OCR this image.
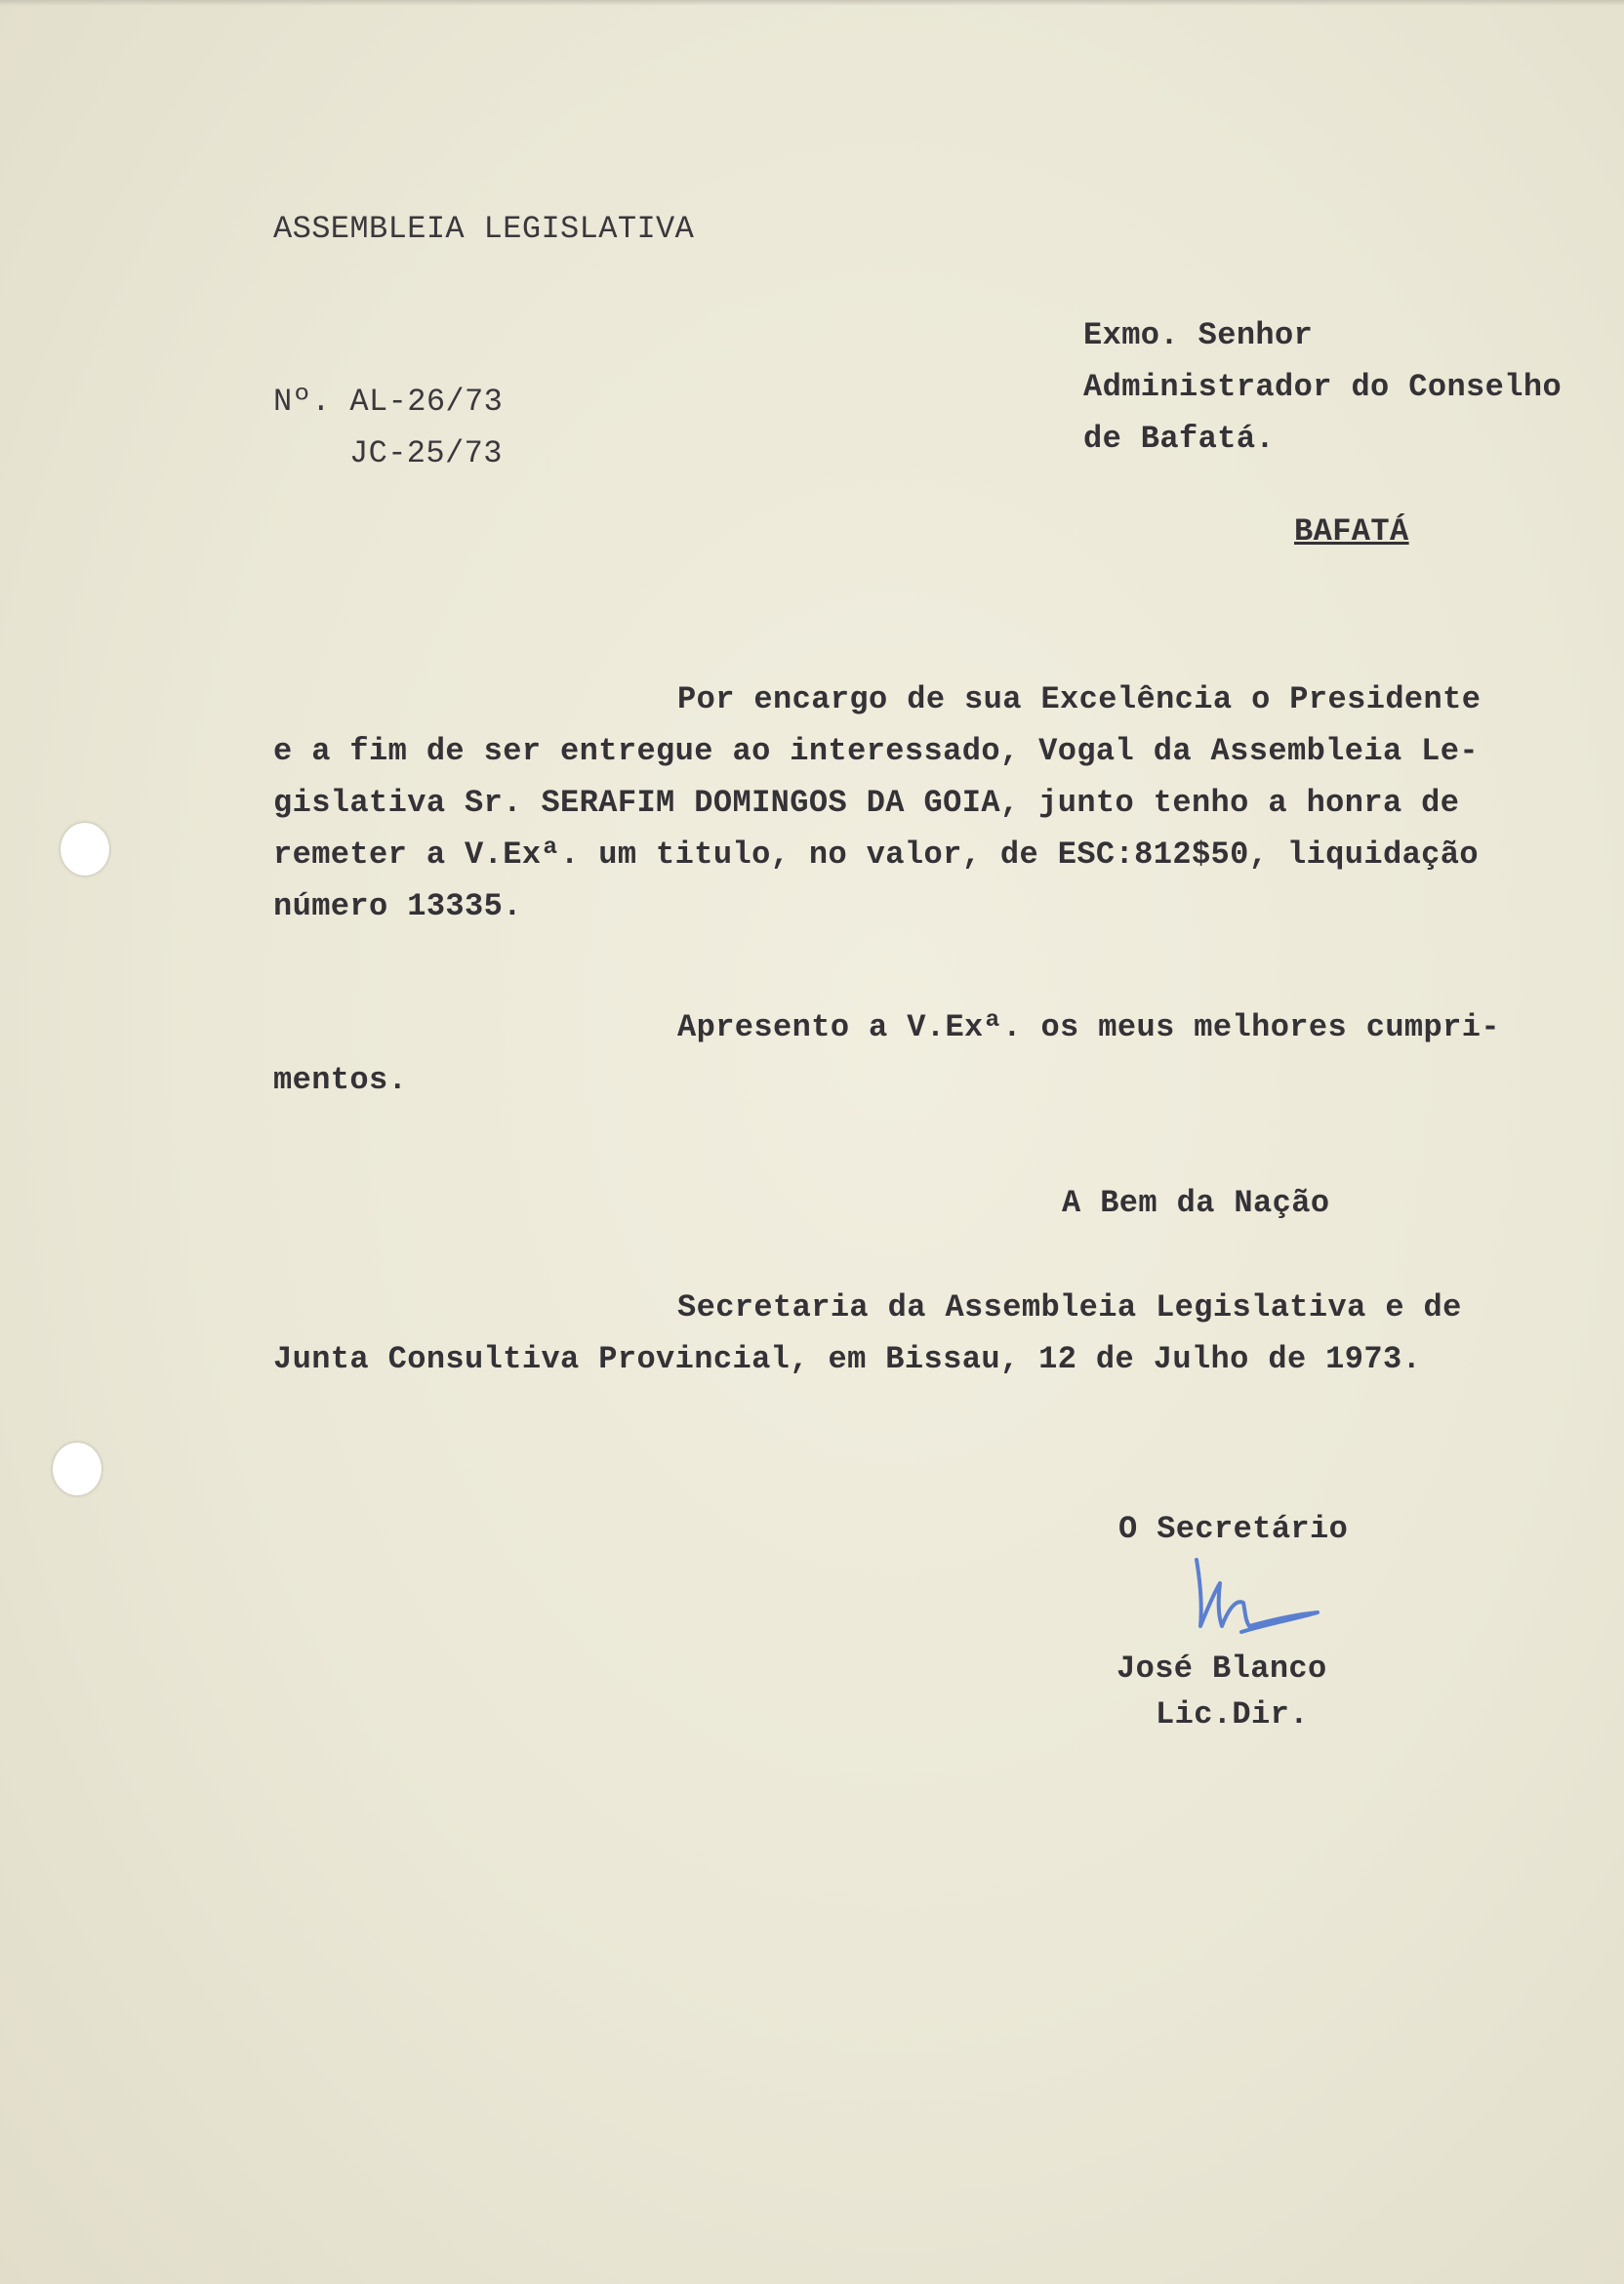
ASSEMBLEIA LEGISLATIVA

Nº. AL-26/73

JC-25/73

Exmo. Senhor

Administrador do Conselho

de Bafatá.

BAFATÁ

Por encargo de sua Excelência o Presidente

e a fim de ser entregue ao interessado, Vogal da Assembleia Le-

gislativa Sr. SERAFIM DOMINGOS DA GOIA, junto tenho a honra de

remeter a V.Exª. um titulo, no valor, de ESC:812$50, liquidação

número 13335.

Apresento a V.Exª. os meus melhores cumpri-

mentos.

A Bem da Nação

Secretaria da Assembleia Legislativa e de

Junta Consultiva Provincial, em Bissau, 12 de Julho de 1973.

O Secretário

José Blanco

Lic.Dir.
